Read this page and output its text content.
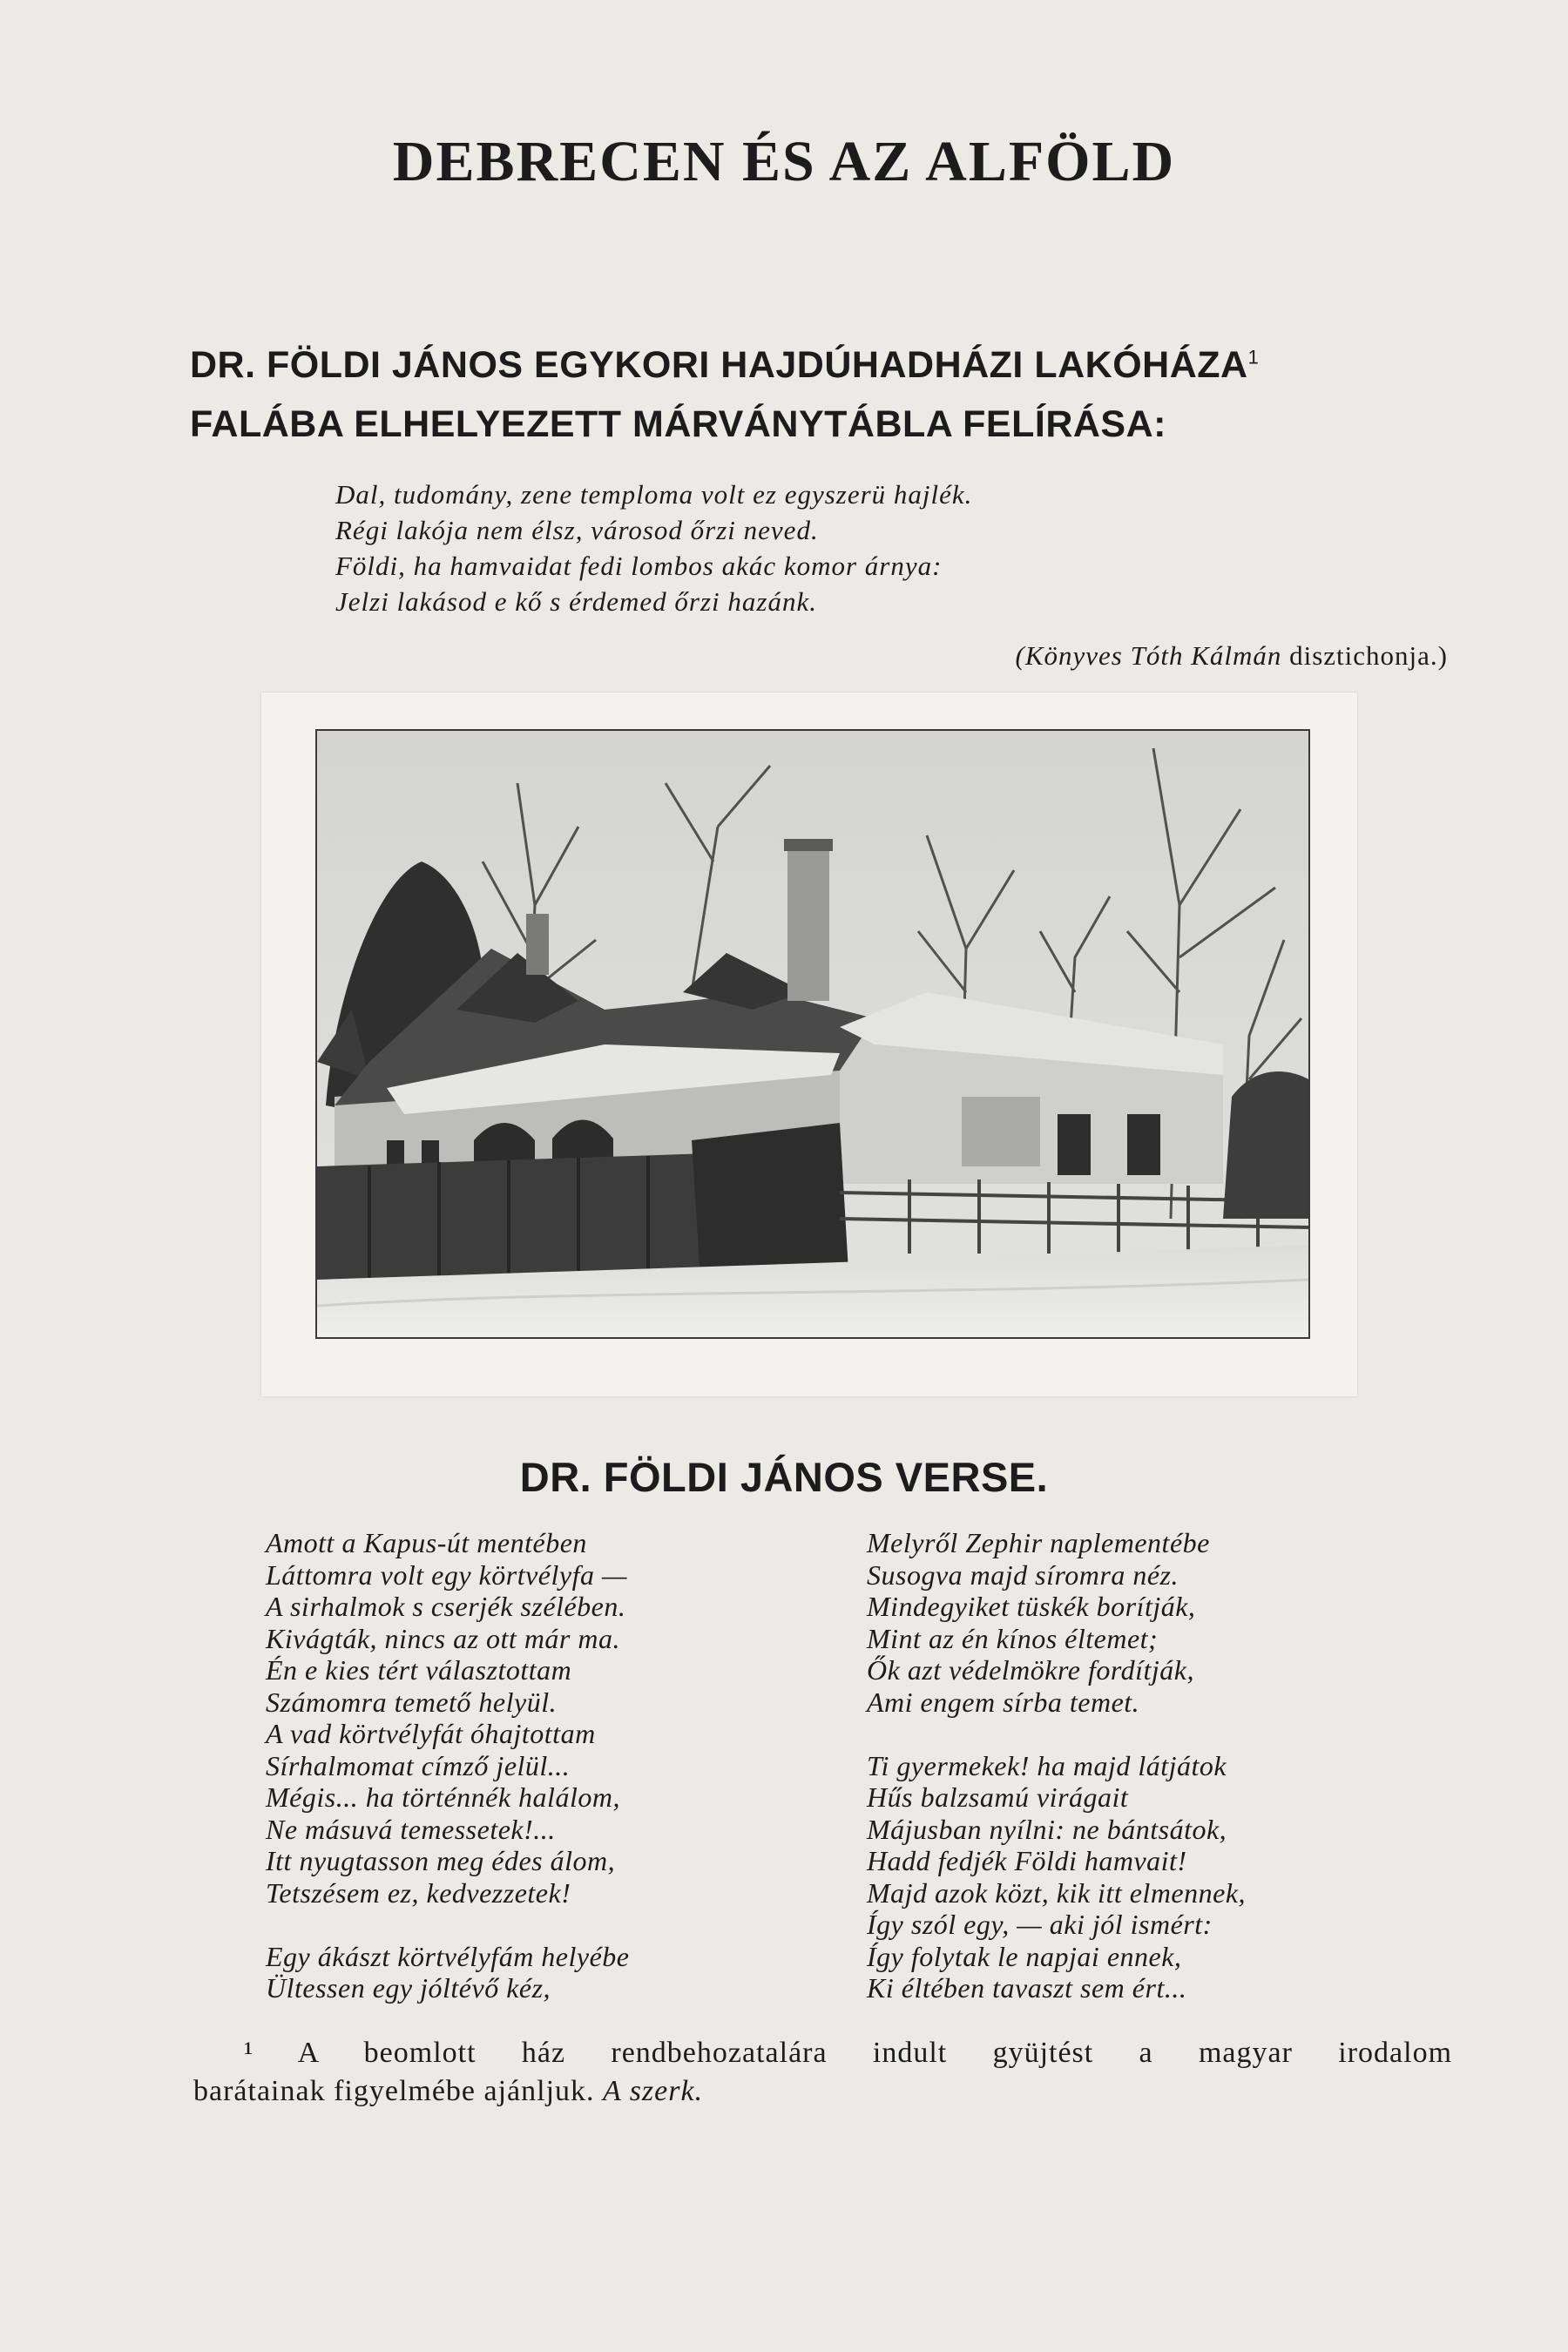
DEBRECEN ÉS AZ ALFÖLD
DR. FÖLDI JÁNOS EGYKORI HAJDÚHADHÁZI LAKÓHÁZA$^1$
FALÁBA ELHELYEZETT MÁRVÁNYTÁBLA FELÍRÁSA:
Dal, tudomány, zene temploma volt ez egyszerü hajlék.
Régi lakója nem élsz, városod őrzi neved.
Földi, ha hamvaidat fedi lombos akác komor árnya:
Jelzi lakásod e kő s érdemed őrzi hazánk.
(Könyves Tóth Kálmán disztichonja.)
DR. FÖLDI JÁNOS VERSE.
Amott a Kapus-út mentében
Láttomra volt egy körtvélyfa —
A sirhalmok s cserjék szélében.
Kivágták, nincs az ott már ma.
Én e kies tért választottam
Számomra temető helyül.
A vad körtvélyfát óhajtottam
Sírhalmomat címző jelül...
Mégis... ha történnék halálom,
Ne másuvá temessetek!...
Itt nyugtasson meg édes álom,
Tetszésem ez, kedvezzetek!
Egy ákászt körtvélyfám helyébe
Ültessen egy jóltévő kéz,
Melyről Zephir naplementébe
Susogva majd síromra néz.
Mindegyiket tüskék borítják,
Mint az én kínos éltemet;
Ők azt védelmökre fordítják,
Ami engem sírba temet.
Ti gyermekek! ha majd látjátok
Hűs balzsamú virágait
Májusban nyílni: ne bántsátok,
Hadd fedjék Földi hamvait!
Majd azok közt, kik itt elmennek,
Így szól egy, — aki jól ismért:
Így folytak le napjai ennek,
Ki éltében tavaszt sem ért...
¹ A beomlott ház rendbehozatalára indult gyüjtést a magyar irodalom
barátainak figyelmébe ajánljuk. A szerk.
